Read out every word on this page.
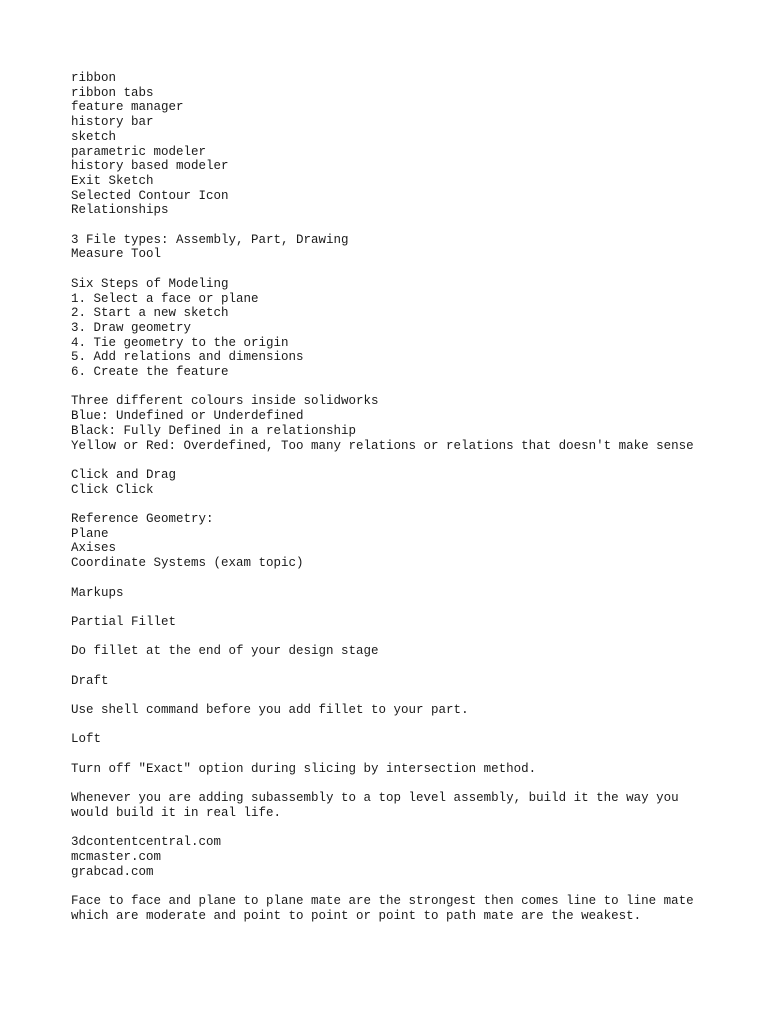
ribbon
ribbon tabs
feature manager
history bar
sketch
parametric modeler
history based modeler
Exit Sketch
Selected Contour Icon
Relationships
3 File types: Assembly, Part, Drawing
Measure Tool
Six Steps of Modeling
1. Select a face or plane
2. Start a new sketch
3. Draw geometry
4. Tie geometry to the origin
5. Add relations and dimensions
6. Create the feature
Three different colours inside solidworks
Blue: Undefined or Underdefined
Black: Fully Defined in a relationship
Yellow or Red: Overdefined, Too many relations or relations that doesn't make sense
Click and Drag
Click Click
Reference Geometry:
Plane
Axises
Coordinate Systems (exam topic)
Markups
Partial Fillet
Do fillet at the end of your design stage
Draft
Use shell command before you add fillet to your part.
Loft
Turn off "Exact" option during slicing by intersection method.
Whenever you are adding subassembly to a top level assembly, build it the way you
would build it in real life.
3dcontentcentral.com
mcmaster.com
grabcad.com
Face to face and plane to plane mate are the strongest then comes line to line mate
which are moderate and point to point or point to path mate are the weakest.
